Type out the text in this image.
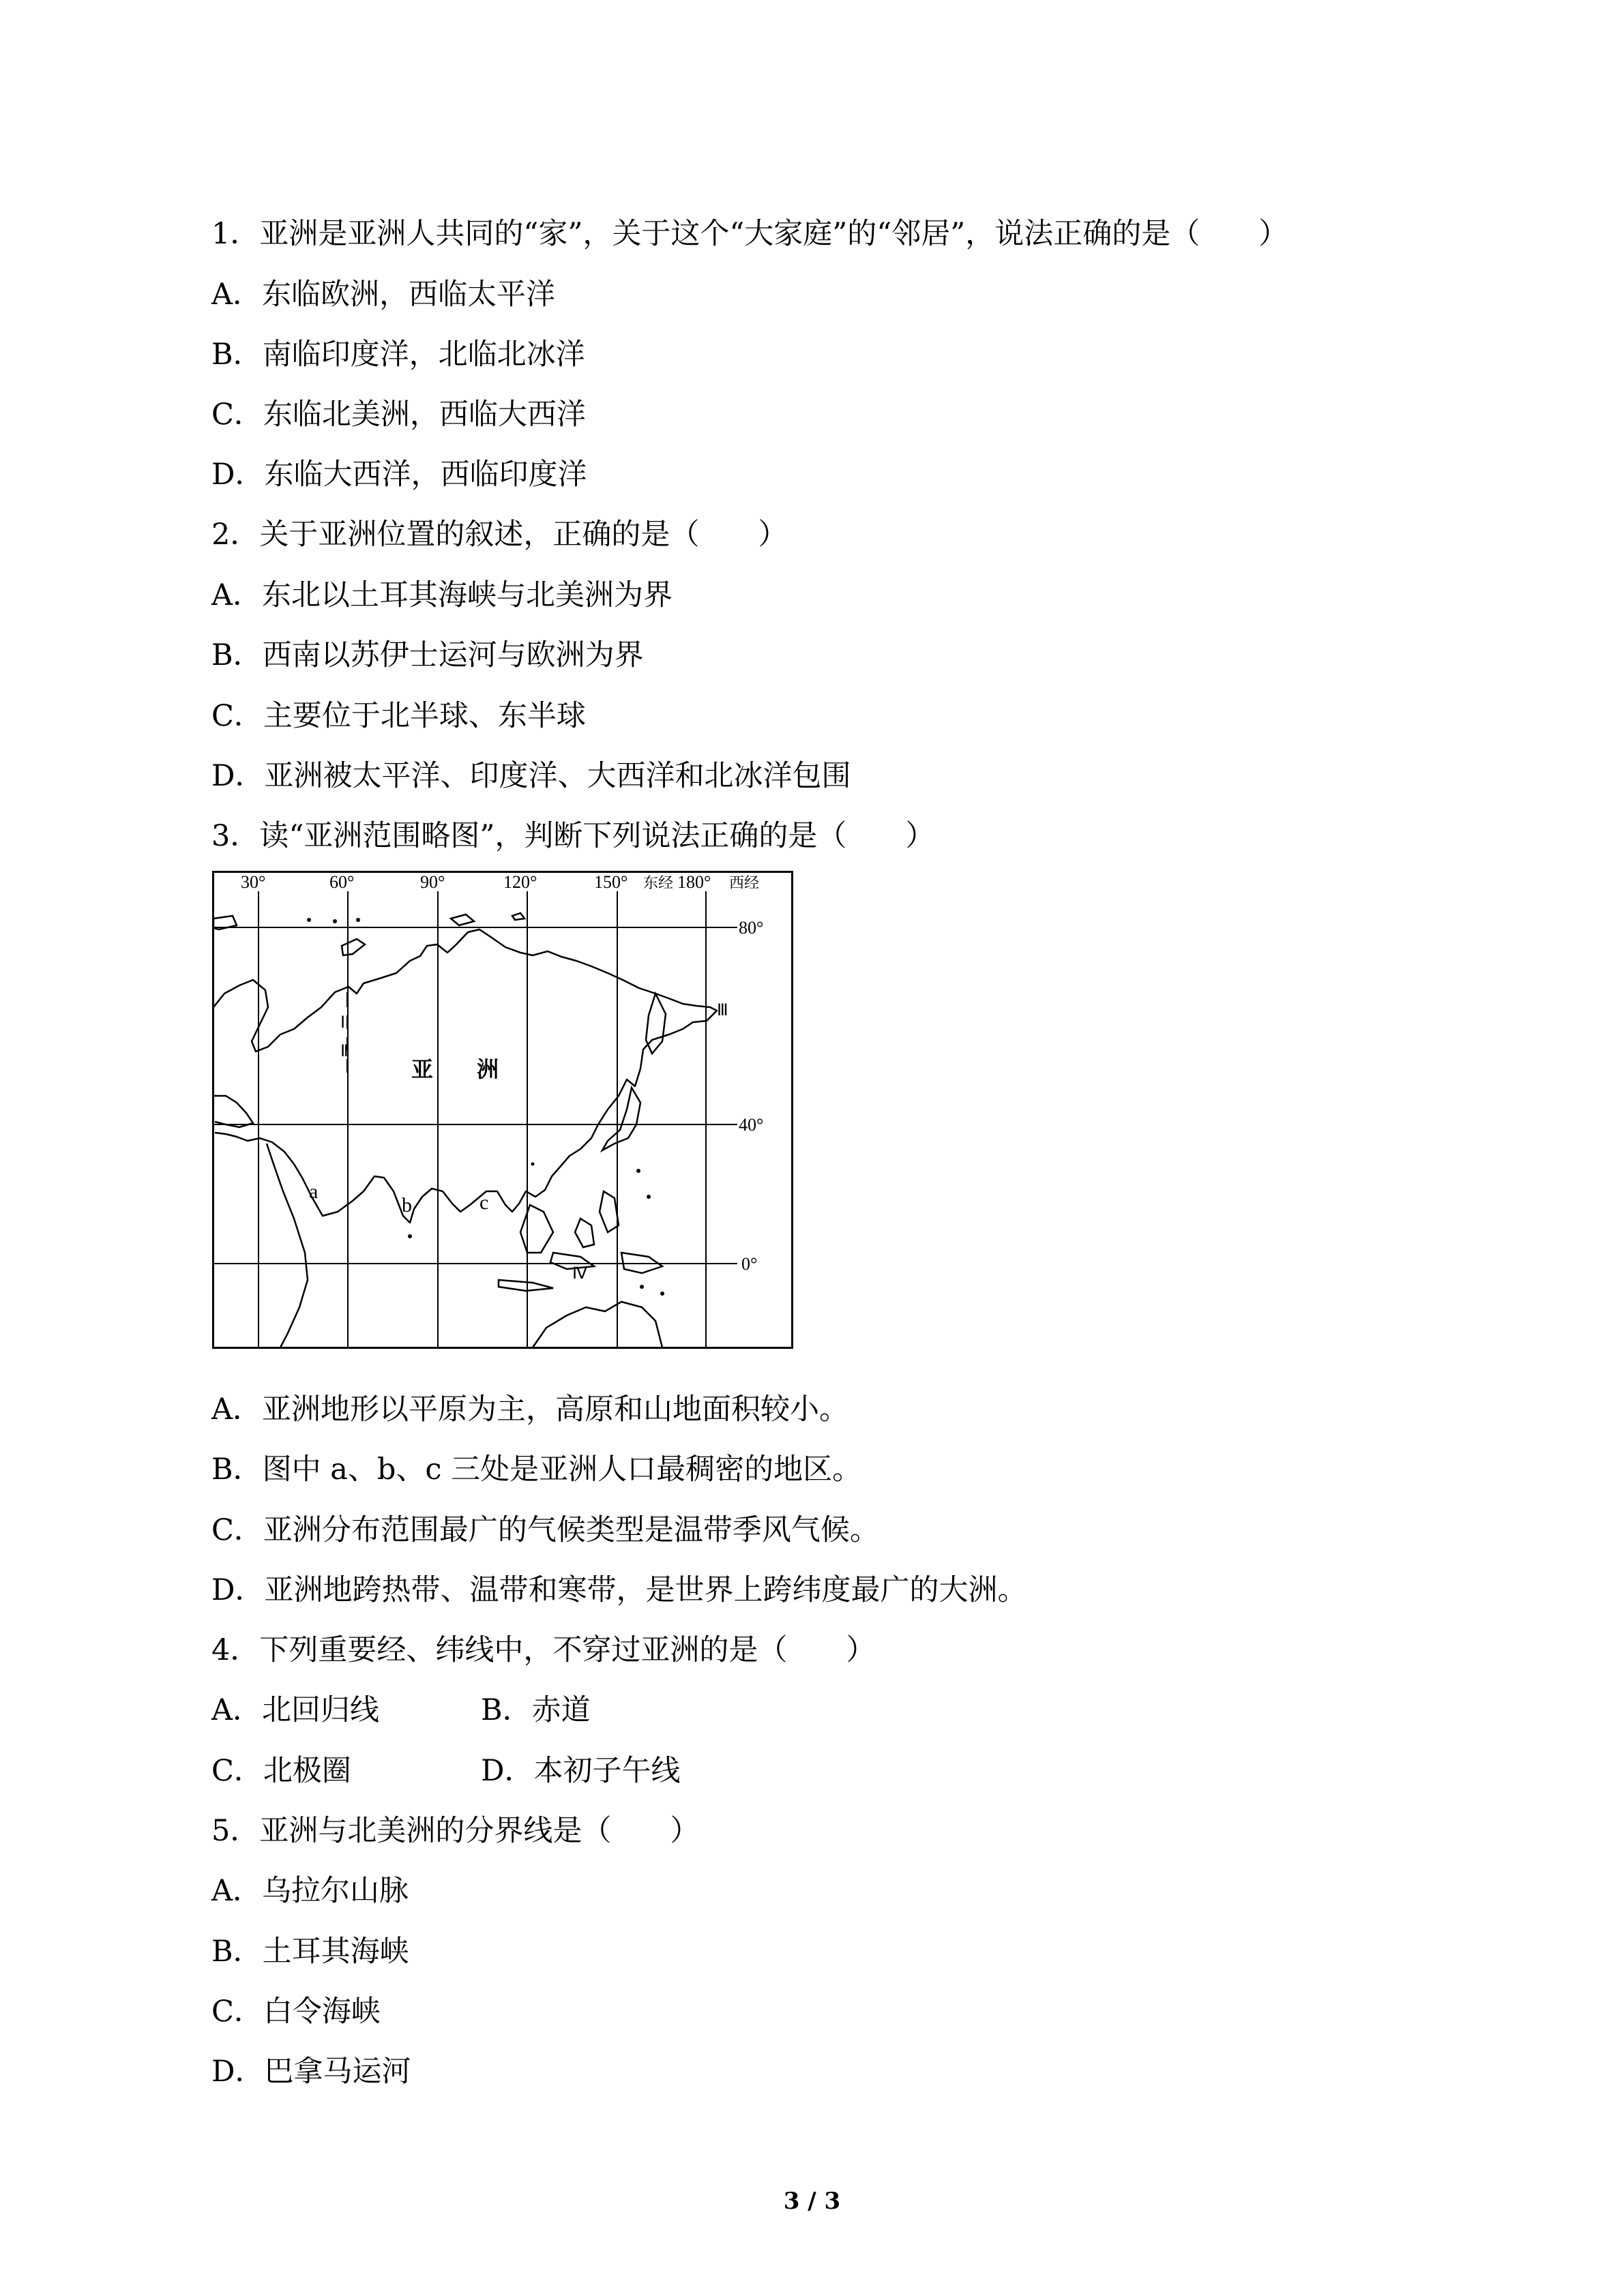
1．亚洲是亚洲人共同的“家”，关于这个“大家庭”的“邻居”，说法正确的是（　　）
A．东临欧洲，西临太平洋
B．南临印度洋，北临北冰洋
C．东临北美洲，西临大西洋
D．东临大西洋，西临印度洋
2．关于亚洲位置的叙述，正确的是（　　）
A．东北以土耳其海峡与北美洲为界
B．西南以苏伊士运河与欧洲为界
C．主要位于北半球、东半球
D．亚洲被太平洋、印度洋、大西洋和北冰洋包围
3．读“亚洲范围略图”，判断下列说法正确的是（　　）
30°	60°	90°	120°	150° 东经 180° 西经
80°
40°
0°
Ⅰ
Ⅱ
Ⅲ
Ⅳ
亚　　洲
a
b	c
A．亚洲地形以平原为主，高原和山地面积较小。
B．图中 a、b、c 三处是亚洲人口最稠密的地区。
C．亚洲分布范围最广的气候类型是温带季风气候。
D．亚洲地跨热带、温带和寒带，是世界上跨纬度最广的大洲。
4．下列重要经、纬线中，不穿过亚洲的是（　　）
A．北回归线	B．赤道
C．北极圈	D．本初子午线
5．亚洲与北美洲的分界线是（　　）
A．乌拉尔山脉
B．土耳其海峡
C．白令海峡
D．巴拿马运河
3 / 3
